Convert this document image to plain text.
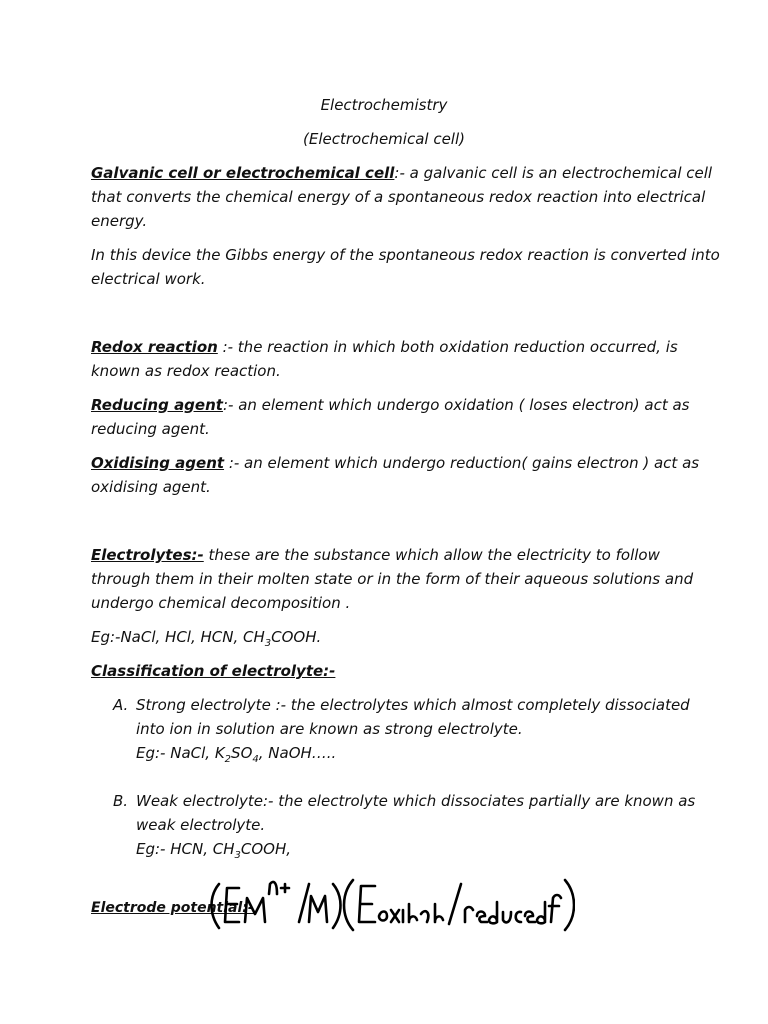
Electrochemistry
(Electrochemical cell)
Galvanic cell or electrochemical cell:- a galvanic cell is an electrochemical cell
that converts the chemical energy of a spontaneous redox reaction into electrical
energy.
In this device the Gibbs energy of the spontaneous redox reaction is converted into
electrical work.
Redox reaction :- the reaction in which both oxidation reduction occurred, is
known as redox reaction.
Reducing agent:- an element which undergo oxidation ( loses electron) act as
reducing agent.
Oxidising agent :- an element which undergo reduction( gains electron ) act as
oxidising agent.
Electrolytes:- these are the substance which allow the electricity to follow
through them in their molten state or in the form of their aqueous solutions and
undergo chemical decomposition .
Eg:-NaCl, HCl, HCN, $CH_3COOH$.
Classification of electrolyte:-
A. Strong electrolyte :- the electrolytes which almost completely dissociated
into ion in solution are known as strong electrolyte.
Eg:- NaCl, $K_2SO_4$, NaOH…..
B. Weak electrolyte:- the electrolyte which dissociates partially are known as
weak electrolyte.
Eg:- HCN, $CH_3COOH$,
Electrode potential:-
